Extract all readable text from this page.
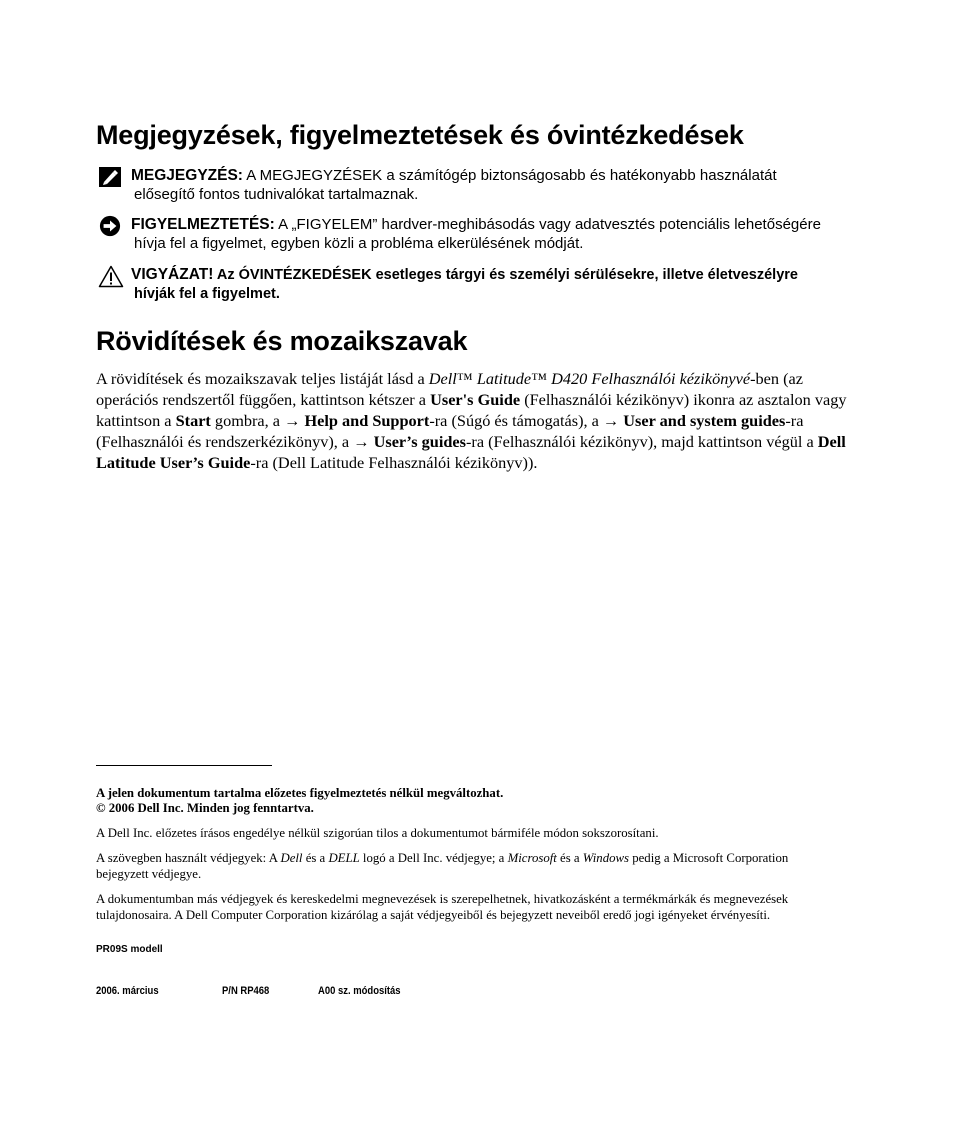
Megjegyzések, figyelmeztetések és óvintézkedések
MEGJEGYZÉS: A MEGJEGYZÉSEK a számítógép biztonságosabb és hatékonyabb használatát
elősegítő fontos tudnivalókat tartalmaznak.
FIGYELMEZTETÉS: A „FIGYELEM” hardver-meghibásodás vagy adatvesztés potenciális lehetőségére
hívja fel a figyelmet, egyben közli a probléma elkerülésének módját.
VIGYÁZAT! Az ÓVINTÉZKEDÉSEK esetleges tárgyi és személyi sérülésekre, illetve életveszélyre
hívják fel a figyelmet.
Rövidítések és mozaikszavak
A rövidítések és mozaikszavak teljes listáját lásd a Dell™ Latitude™ D420 Felhasználói kézikönyvé-ben (az
operációs rendszertől függően, kattintson kétszer a User's Guide (Felhasználói kézikönyv) ikonra az asztalon vagy
kattintson a Start gombra, a → Help and Support-ra (Súgó és támogatás), a → User and system guides-ra
(Felhasználói és rendszerkézikönyv), a → User’s guides-ra (Felhasználói kézikönyv), majd kattintson végül a Dell
Latitude User’s Guide-ra (Dell Latitude Felhasználói kézikönyv)).
A jelen dokumentum tartalma előzetes figyelmeztetés nélkül megváltozhat.
© 2006 Dell Inc. Minden jog fenntartva.
A Dell Inc. előzetes írásos engedélye nélkül szigorúan tilos a dokumentumot bármiféle módon sokszorosítani.
A szövegben használt védjegyek: A Dell és a DELL logó a Dell Inc. védjegye; a Microsoft és a Windows pedig a Microsoft Corporation
bejegyzett védjegye.
A dokumentumban más védjegyek és kereskedelmi megnevezések is szerepelhetnek, hivatkozásként a termékmárkák és megnevezések
tulajdonosaira. A Dell Computer Corporation kizárólag a saját védjegyeiből és bejegyzett neveiből eredő jogi igényeket érvényesíti.
PR09S modell
2006. március	P/N RP468	A00 sz. módosítás
